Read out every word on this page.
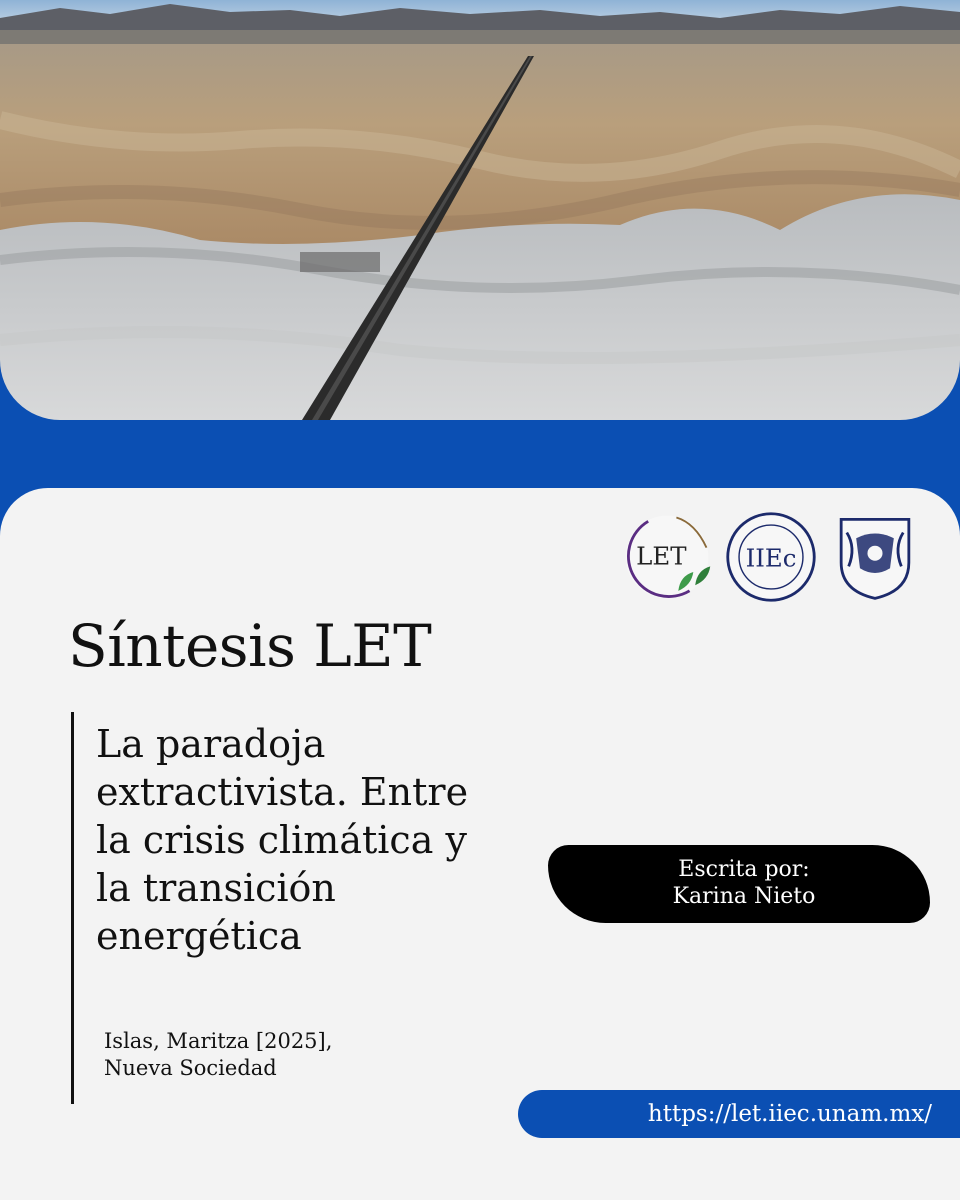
LET IIEc
Síntesis LET
La paradoja extractivista. Entre la crisis climática y la transición energética
Islas, Maritza [2025],
Nueva Sociedad
Escrita por:
Karina Nieto
https://let.iiec.unam.mx/
